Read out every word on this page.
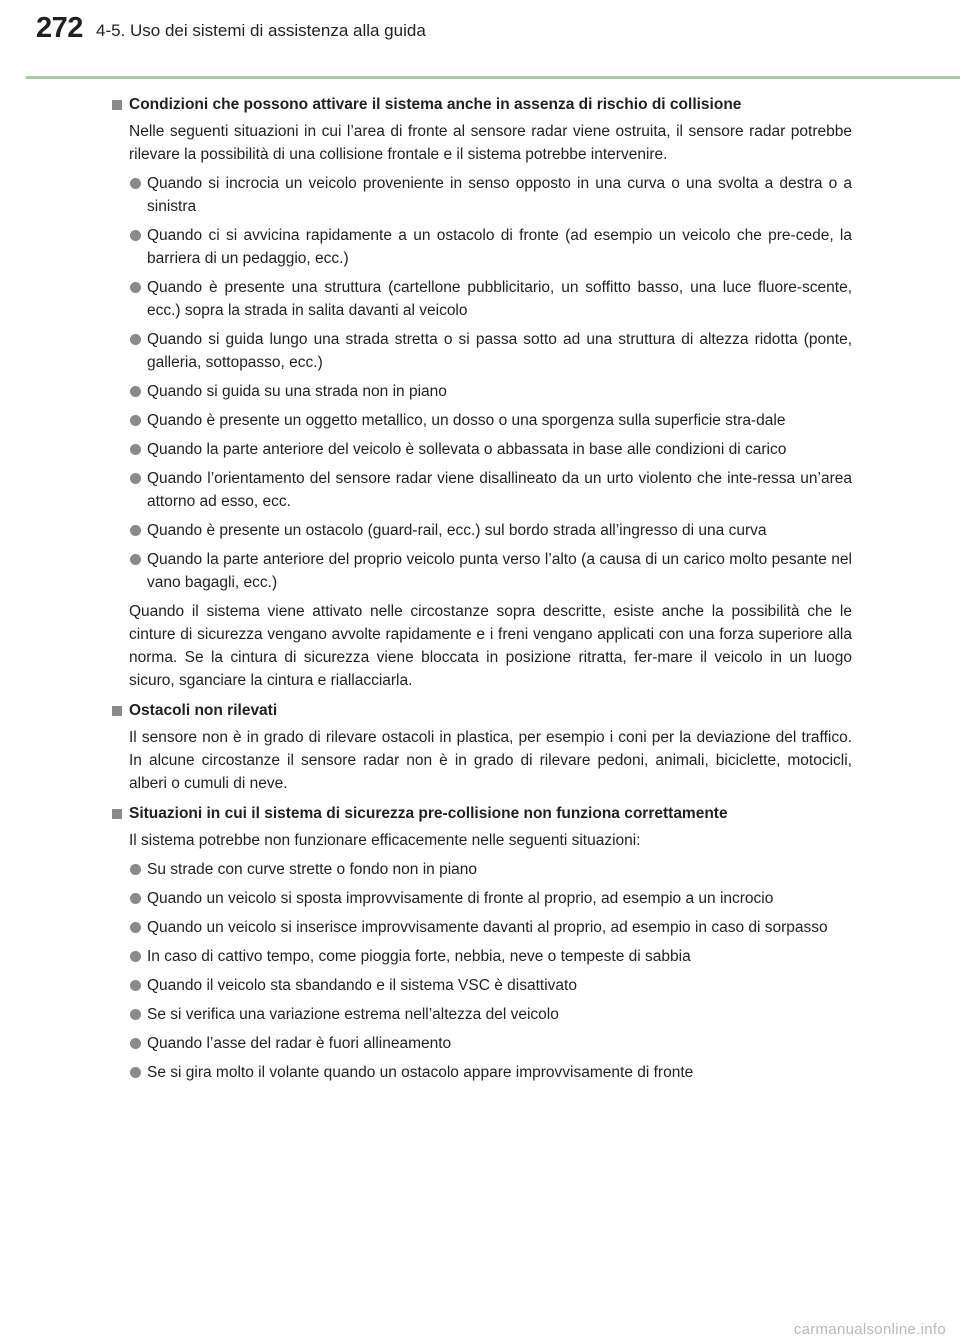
272 4-5. Uso dei sistemi di assistenza alla guida
Condizioni che possono attivare il sistema anche in assenza di rischio di collisione
Nelle seguenti situazioni in cui l’area di fronte al sensore radar viene ostruita, il sensore radar potrebbe rilevare la possibilità di una collisione frontale e il sistema potrebbe intervenire.
Quando si incrocia un veicolo proveniente in senso opposto in una curva o una svolta a destra o a sinistra
Quando ci si avvicina rapidamente a un ostacolo di fronte (ad esempio un veicolo che pre-cede, la barriera di un pedaggio, ecc.)
Quando è presente una struttura (cartellone pubblicitario, un soffitto basso, una luce fluore-scente, ecc.) sopra la strada in salita davanti al veicolo
Quando si guida lungo una strada stretta o si passa sotto ad una struttura di altezza ridotta (ponte, galleria, sottopasso, ecc.)
Quando si guida su una strada non in piano
Quando è presente un oggetto metallico, un dosso o una sporgenza sulla superficie stra-dale
Quando la parte anteriore del veicolo è sollevata o abbassata in base alle condizioni di carico
Quando l’orientamento del sensore radar viene disallineato da un urto violento che inte-ressa un’area attorno ad esso, ecc.
Quando è presente un ostacolo (guard-rail, ecc.) sul bordo strada all’ingresso di una curva
Quando la parte anteriore del proprio veicolo punta verso l’alto (a causa di un carico molto pesante nel vano bagagli, ecc.)
Quando il sistema viene attivato nelle circostanze sopra descritte, esiste anche la possibilità che le cinture di sicurezza vengano avvolte rapidamente e i freni vengano applicati con una forza superiore alla norma. Se la cintura di sicurezza viene bloccata in posizione ritratta, fer-mare il veicolo in un luogo sicuro, sganciare la cintura e riallacciarla.
Ostacoli non rilevati
Il sensore non è in grado di rilevare ostacoli in plastica, per esempio i coni per la deviazione del traffico. In alcune circostanze il sensore radar non è in grado di rilevare pedoni, animali, biciclette, motocicli, alberi o cumuli di neve.
Situazioni in cui il sistema di sicurezza pre-collisione non funziona correttamente
Il sistema potrebbe non funzionare efficacemente nelle seguenti situazioni:
Su strade con curve strette o fondo non in piano
Quando un veicolo si sposta improvvisamente di fronte al proprio, ad esempio a un incrocio
Quando un veicolo si inserisce improvvisamente davanti al proprio, ad esempio in caso di sorpasso
In caso di cattivo tempo, come pioggia forte, nebbia, neve o tempeste di sabbia
Quando il veicolo sta sbandando e il sistema VSC è disattivato
Se si verifica una variazione estrema nell’altezza del veicolo
Quando l’asse del radar è fuori allineamento
Se si gira molto il volante quando un ostacolo appare improvvisamente di fronte
carmanualsonline.info
